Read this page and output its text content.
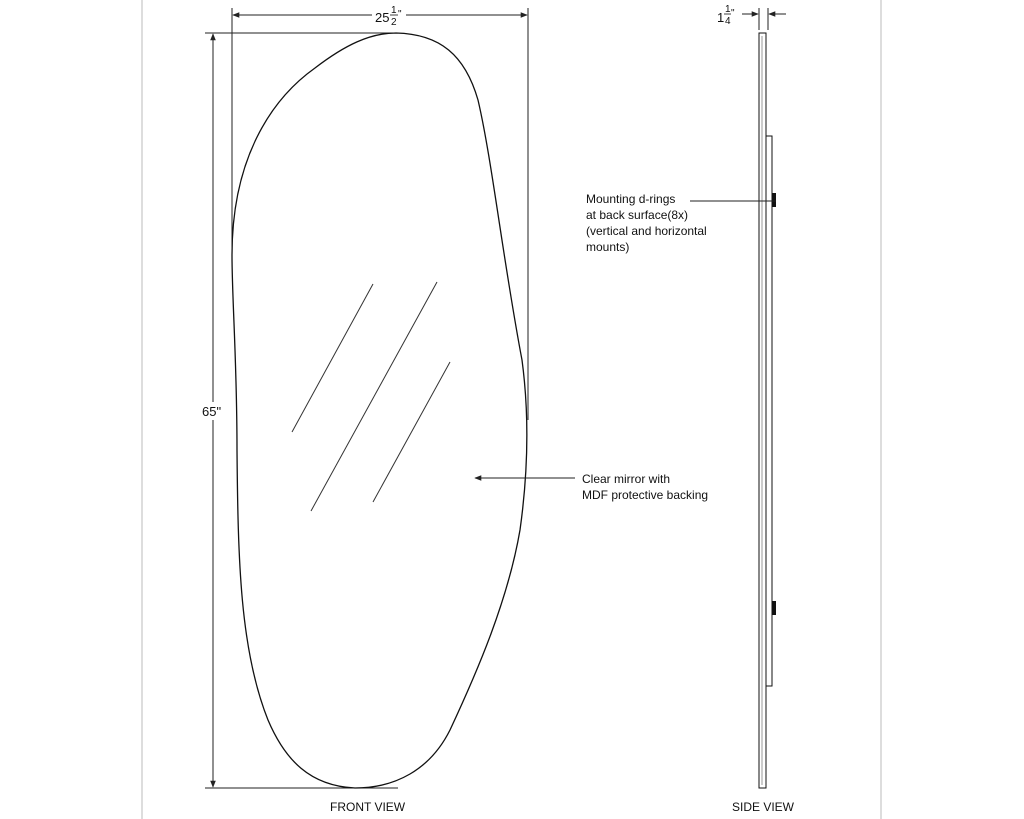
25 1
2
"
65"
Clear mirror with
MDF protective backing
FRONT VIEW
1
1
4
"
Mounting d-rings
at back surface(8x)
(vertical and horizontal
mounts)
SIDE VIEW
